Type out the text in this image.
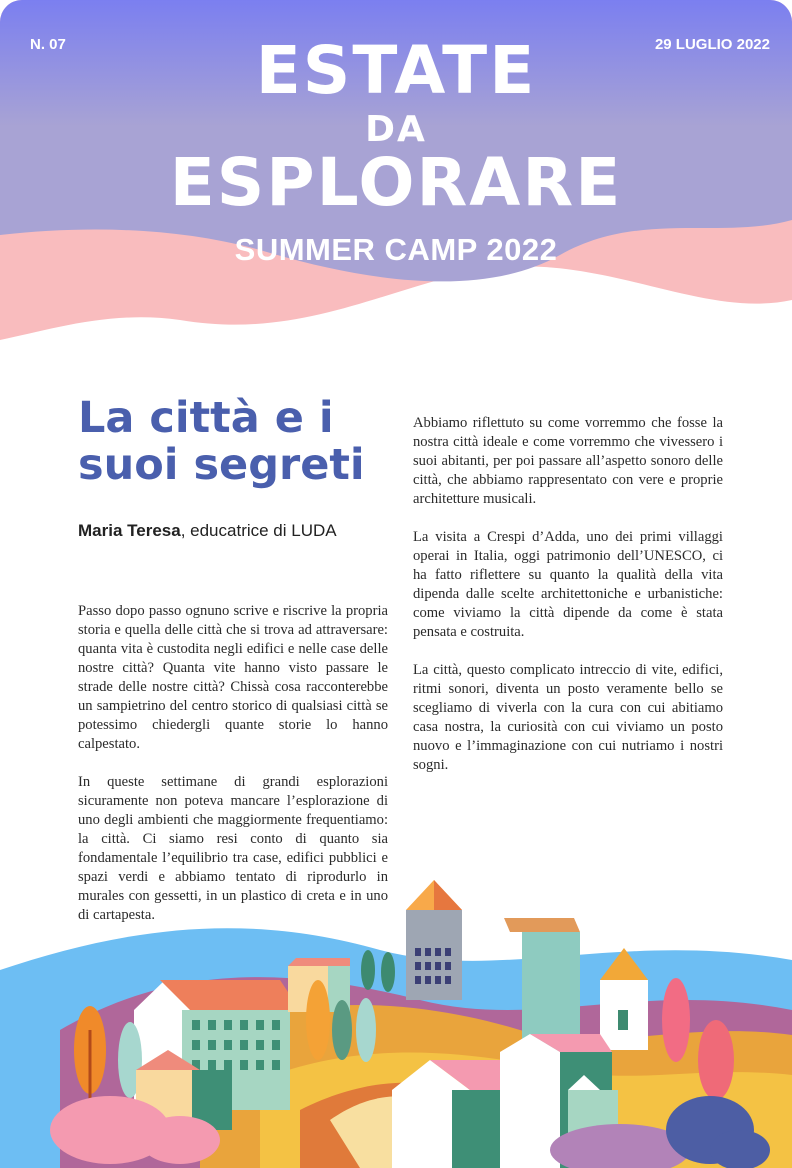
N. 07	29 LUGLIO 2022
ESTATE
DA
ESPLORARE
SUMMER CAMP 2022
La città e i suoi segreti
Maria Teresa, educatrice di LUDA

Passo dopo passo ognuno scrive e riscrive la propria storia e quella delle città che si trova ad attraversare: quanta vita è custodita negli edifici e nelle case delle nostre città? Quanta vite hanno visto passare le strade delle nostre città? Chissà cosa racconterebbe un sampietrino del centro storico di qualsiasi città se potessimo chiedergli quante storie lo hanno calpestato.

In queste settimane di grandi esplorazioni sicuramente non poteva mancare l’esplorazione di uno degli ambienti che maggiormente frequentiamo: la città. Ci siamo resi conto di quanto sia fondamentale l’equilibrio tra case, edifici pubblici e spazi verdi e abbiamo tentato di riprodurlo in murales con gessetti, in un plastico di creta e in uno di cartapesta.

Abbiamo riflettuto su come vorremmo che fosse la nostra città ideale e come vorremmo che vivessero i suoi abitanti, per poi passare all’aspetto sonoro delle città, che abbiamo rappresentato con vere e proprie architetture musicali.

La visita a Crespi d’Adda, uno dei primi villaggi operai in Italia, oggi patrimonio dell’UNESCO, ci ha fatto riflettere su quanto la qualità della vita dipenda dalle scelte architettoniche e urbanistiche: come viviamo la città dipende da come è stata pensata e costruita.

La città, questo complicato intreccio di vite, edifici, ritmi sonori, diventa un posto veramente bello se scegliamo di viverla con la cura con cui abitiamo casa nostra, la curiosità con cui viviamo un posto nuovo e l’immaginazione con cui nutriamo i nostri sogni.
